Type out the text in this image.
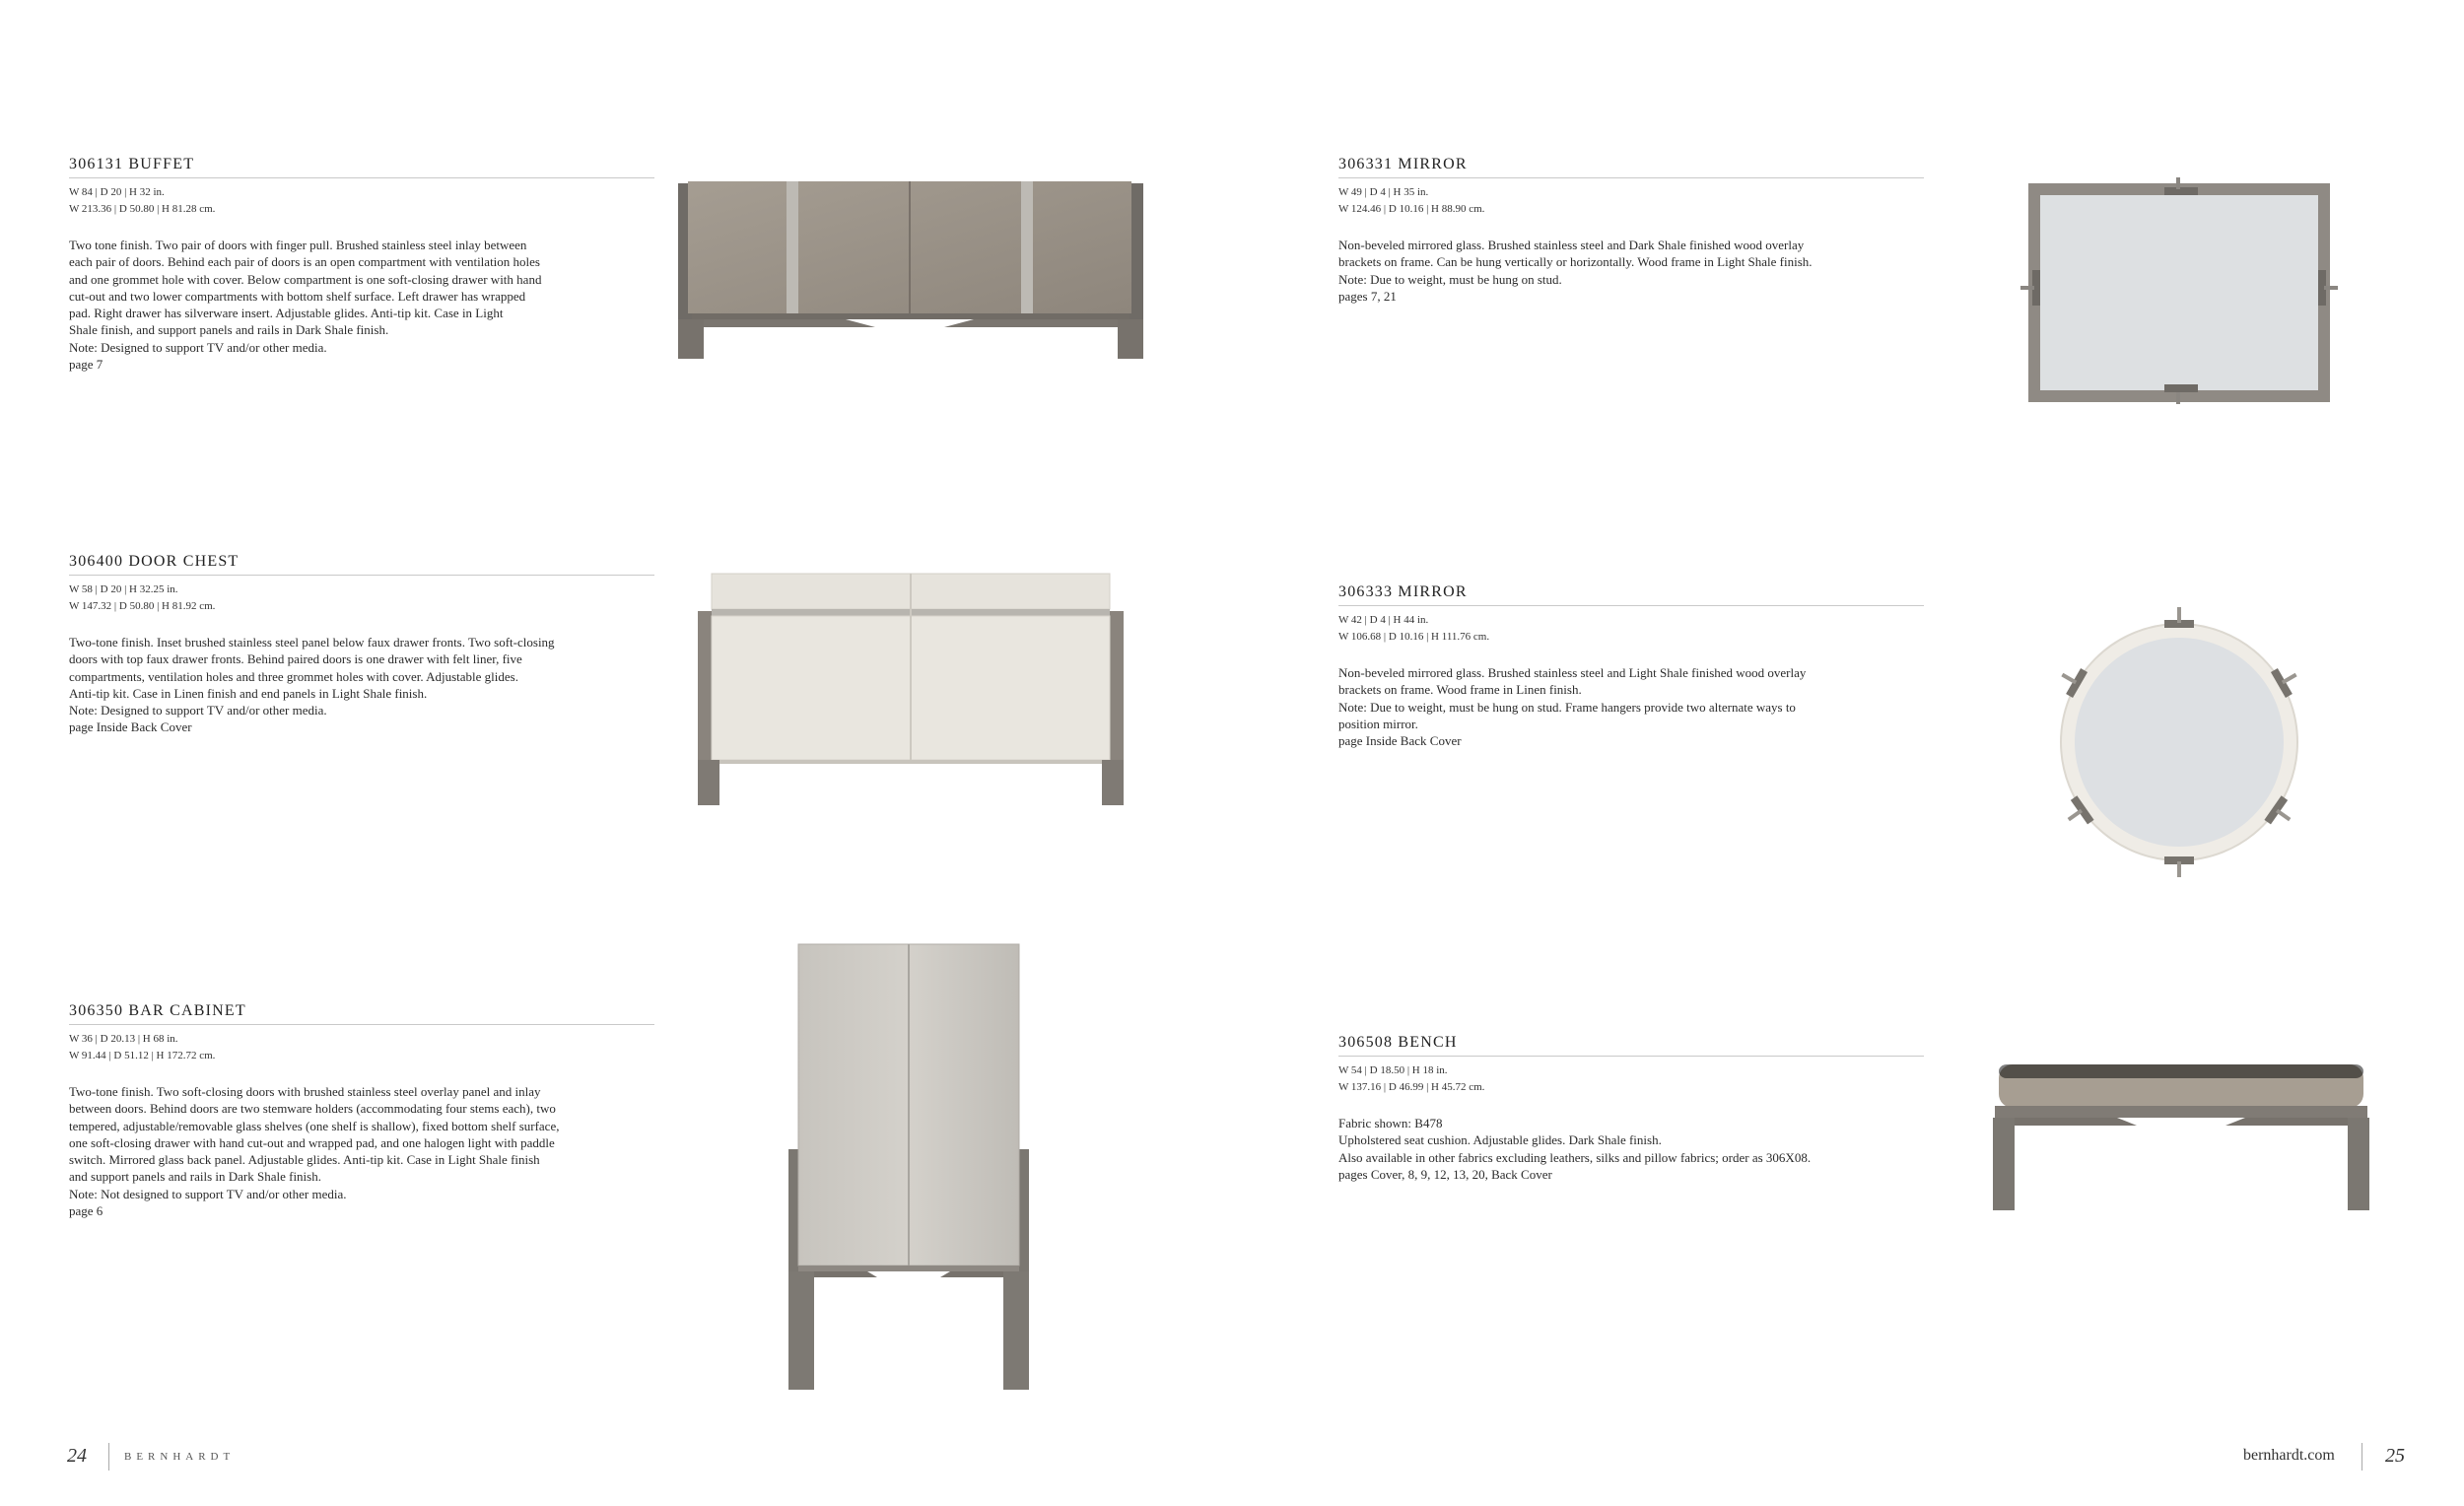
306131 BUFFET
W 84 | D 20 | H 32 in.
W 213.36 | D 50.80 | H 81.28 cm.
Two tone finish. Two pair of doors with finger pull. Brushed stainless steel inlay between
each pair of doors. Behind each pair of doors is an open compartment with ventilation holes
and one grommet hole with cover. Below compartment is one soft-closing drawer with hand
cut-out and two lower compartments with bottom shelf surface. Left drawer has wrapped
pad. Right drawer has silverware insert. Adjustable glides. Anti-tip kit. Case in Light
Shale finish, and support panels and rails in Dark Shale finish.
Note: Designed to support TV and/or other media.
page 7
306400 DOOR CHEST
W 58 | D 20 | H 32.25 in.
W 147.32 | D 50.80 | H 81.92 cm.
Two-tone finish. Inset brushed stainless steel panel below faux drawer fronts. Two soft-closing
doors with top faux drawer fronts. Behind paired doors is one drawer with felt liner, five
compartments, ventilation holes and three grommet holes with cover. Adjustable glides.
Anti-tip kit. Case in Linen finish and end panels in Light Shale finish.
Note: Designed to support TV and/or other media.
page Inside Back Cover
306350 BAR CABINET
W 36 | D 20.13 | H 68 in.
W 91.44 | D 51.12 | H 172.72 cm.
Two-tone finish. Two soft-closing doors with brushed stainless steel overlay panel and inlay
between doors. Behind doors are two stemware holders (accommodating four stems each), two
tempered, adjustable/removable glass shelves (one shelf is shallow), fixed bottom shelf surface,
one soft-closing drawer with hand cut-out and wrapped pad, and one halogen light with paddle
switch. Mirrored glass back panel. Adjustable glides. Anti-tip kit. Case in Light Shale finish
and support panels and rails in Dark Shale finish.
Note: Not designed to support TV and/or other media.
page 6
306331 MIRROR
W 49 | D 4 | H 35 in.
W 124.46 | D 10.16 | H 88.90 cm.
Non-beveled mirrored glass. Brushed stainless steel and Dark Shale finished wood overlay
brackets on frame. Can be hung vertically or horizontally. Wood frame in Light Shale finish.
Note: Due to weight, must be hung on stud.
pages 7, 21
306333 MIRROR
W 42 | D 4 | H 44 in.
W 106.68 | D 10.16 | H 111.76 cm.
Non-beveled mirrored glass. Brushed stainless steel and Light Shale finished wood overlay
brackets on frame. Wood frame in Linen finish.
Note: Due to weight, must be hung on stud. Frame hangers provide two alternate ways to
position mirror.
page Inside Back Cover
306508 BENCH
W 54 | D 18.50 | H 18 in.
W 137.16 | D 46.99 | H 45.72 cm.
Fabric shown: B478
Upholstered seat cushion. Adjustable glides. Dark Shale finish.
Also available in other fabrics excluding leathers, silks and pillow fabrics; order as 306X08.
pages Cover, 8, 9, 12, 13, 20, Back Cover
24	BERNHARDT	bernhardt.com	25
